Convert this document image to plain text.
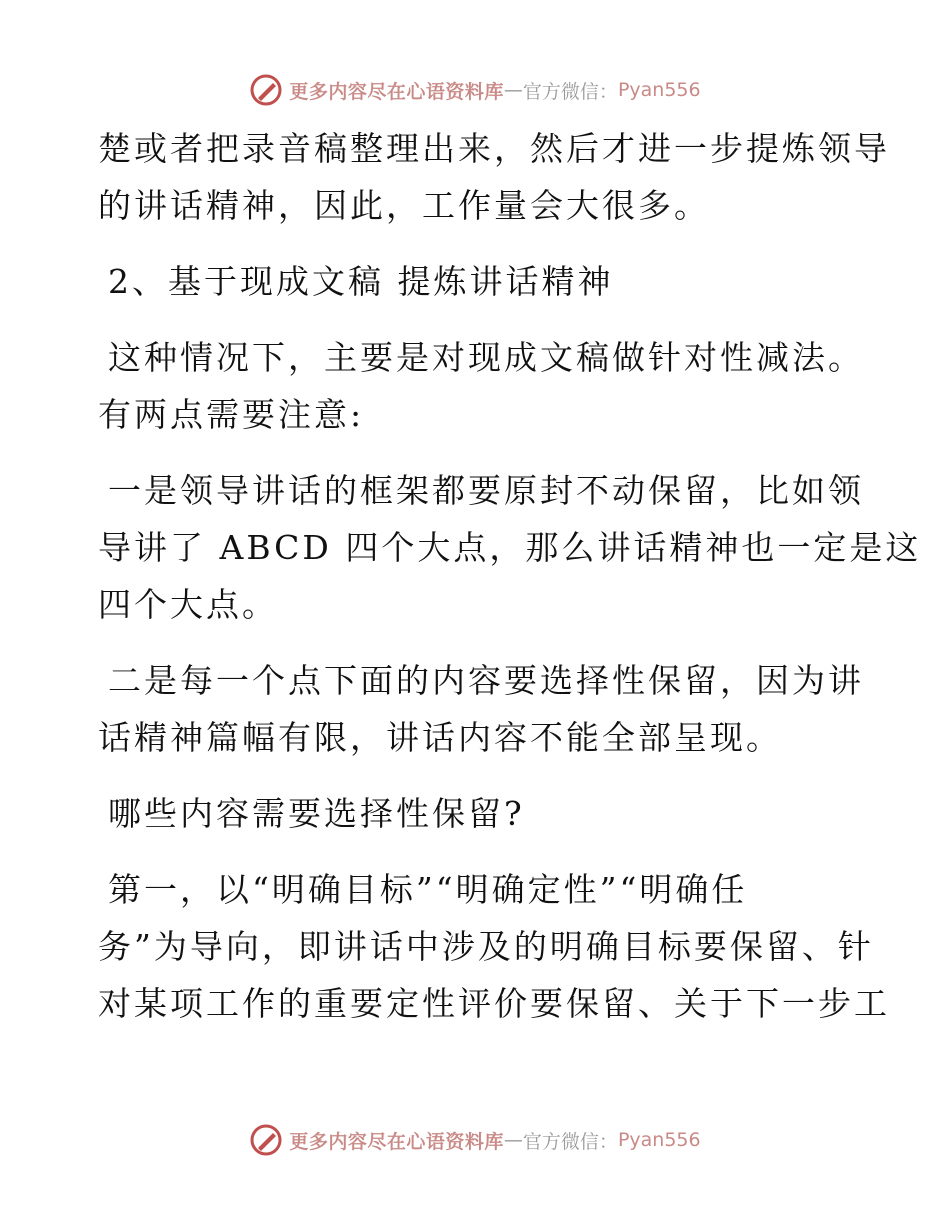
更多内容尽在心语资料库 — 官方微信： Pyan556

楚或者把录音稿整理出来，然后才进一步提炼领导
的讲话精神，因此，工作量会大很多。

2、基于现成文稿 提炼讲话精神

这种情况下，主要是对现成文稿做针对性减法。
有两点需要注意:

一是领导讲话的框架都要原封不动保留，比如领
导讲了 ABCD 四个大点，那么讲话精神也一定是这
四个大点。

二是每一个点下面的内容要选择性保留，因为讲
话精神篇幅有限，讲话内容不能全部呈现。

哪些内容需要选择性保留?

第一，以“明确目标”“明确定性”“明确任
务”为导向，即讲话中涉及的明确目标要保留、针
对某项工作的重要定性评价要保留、关于下一步工

更多内容尽在心语资料库 — 官方微信： Pyan556
